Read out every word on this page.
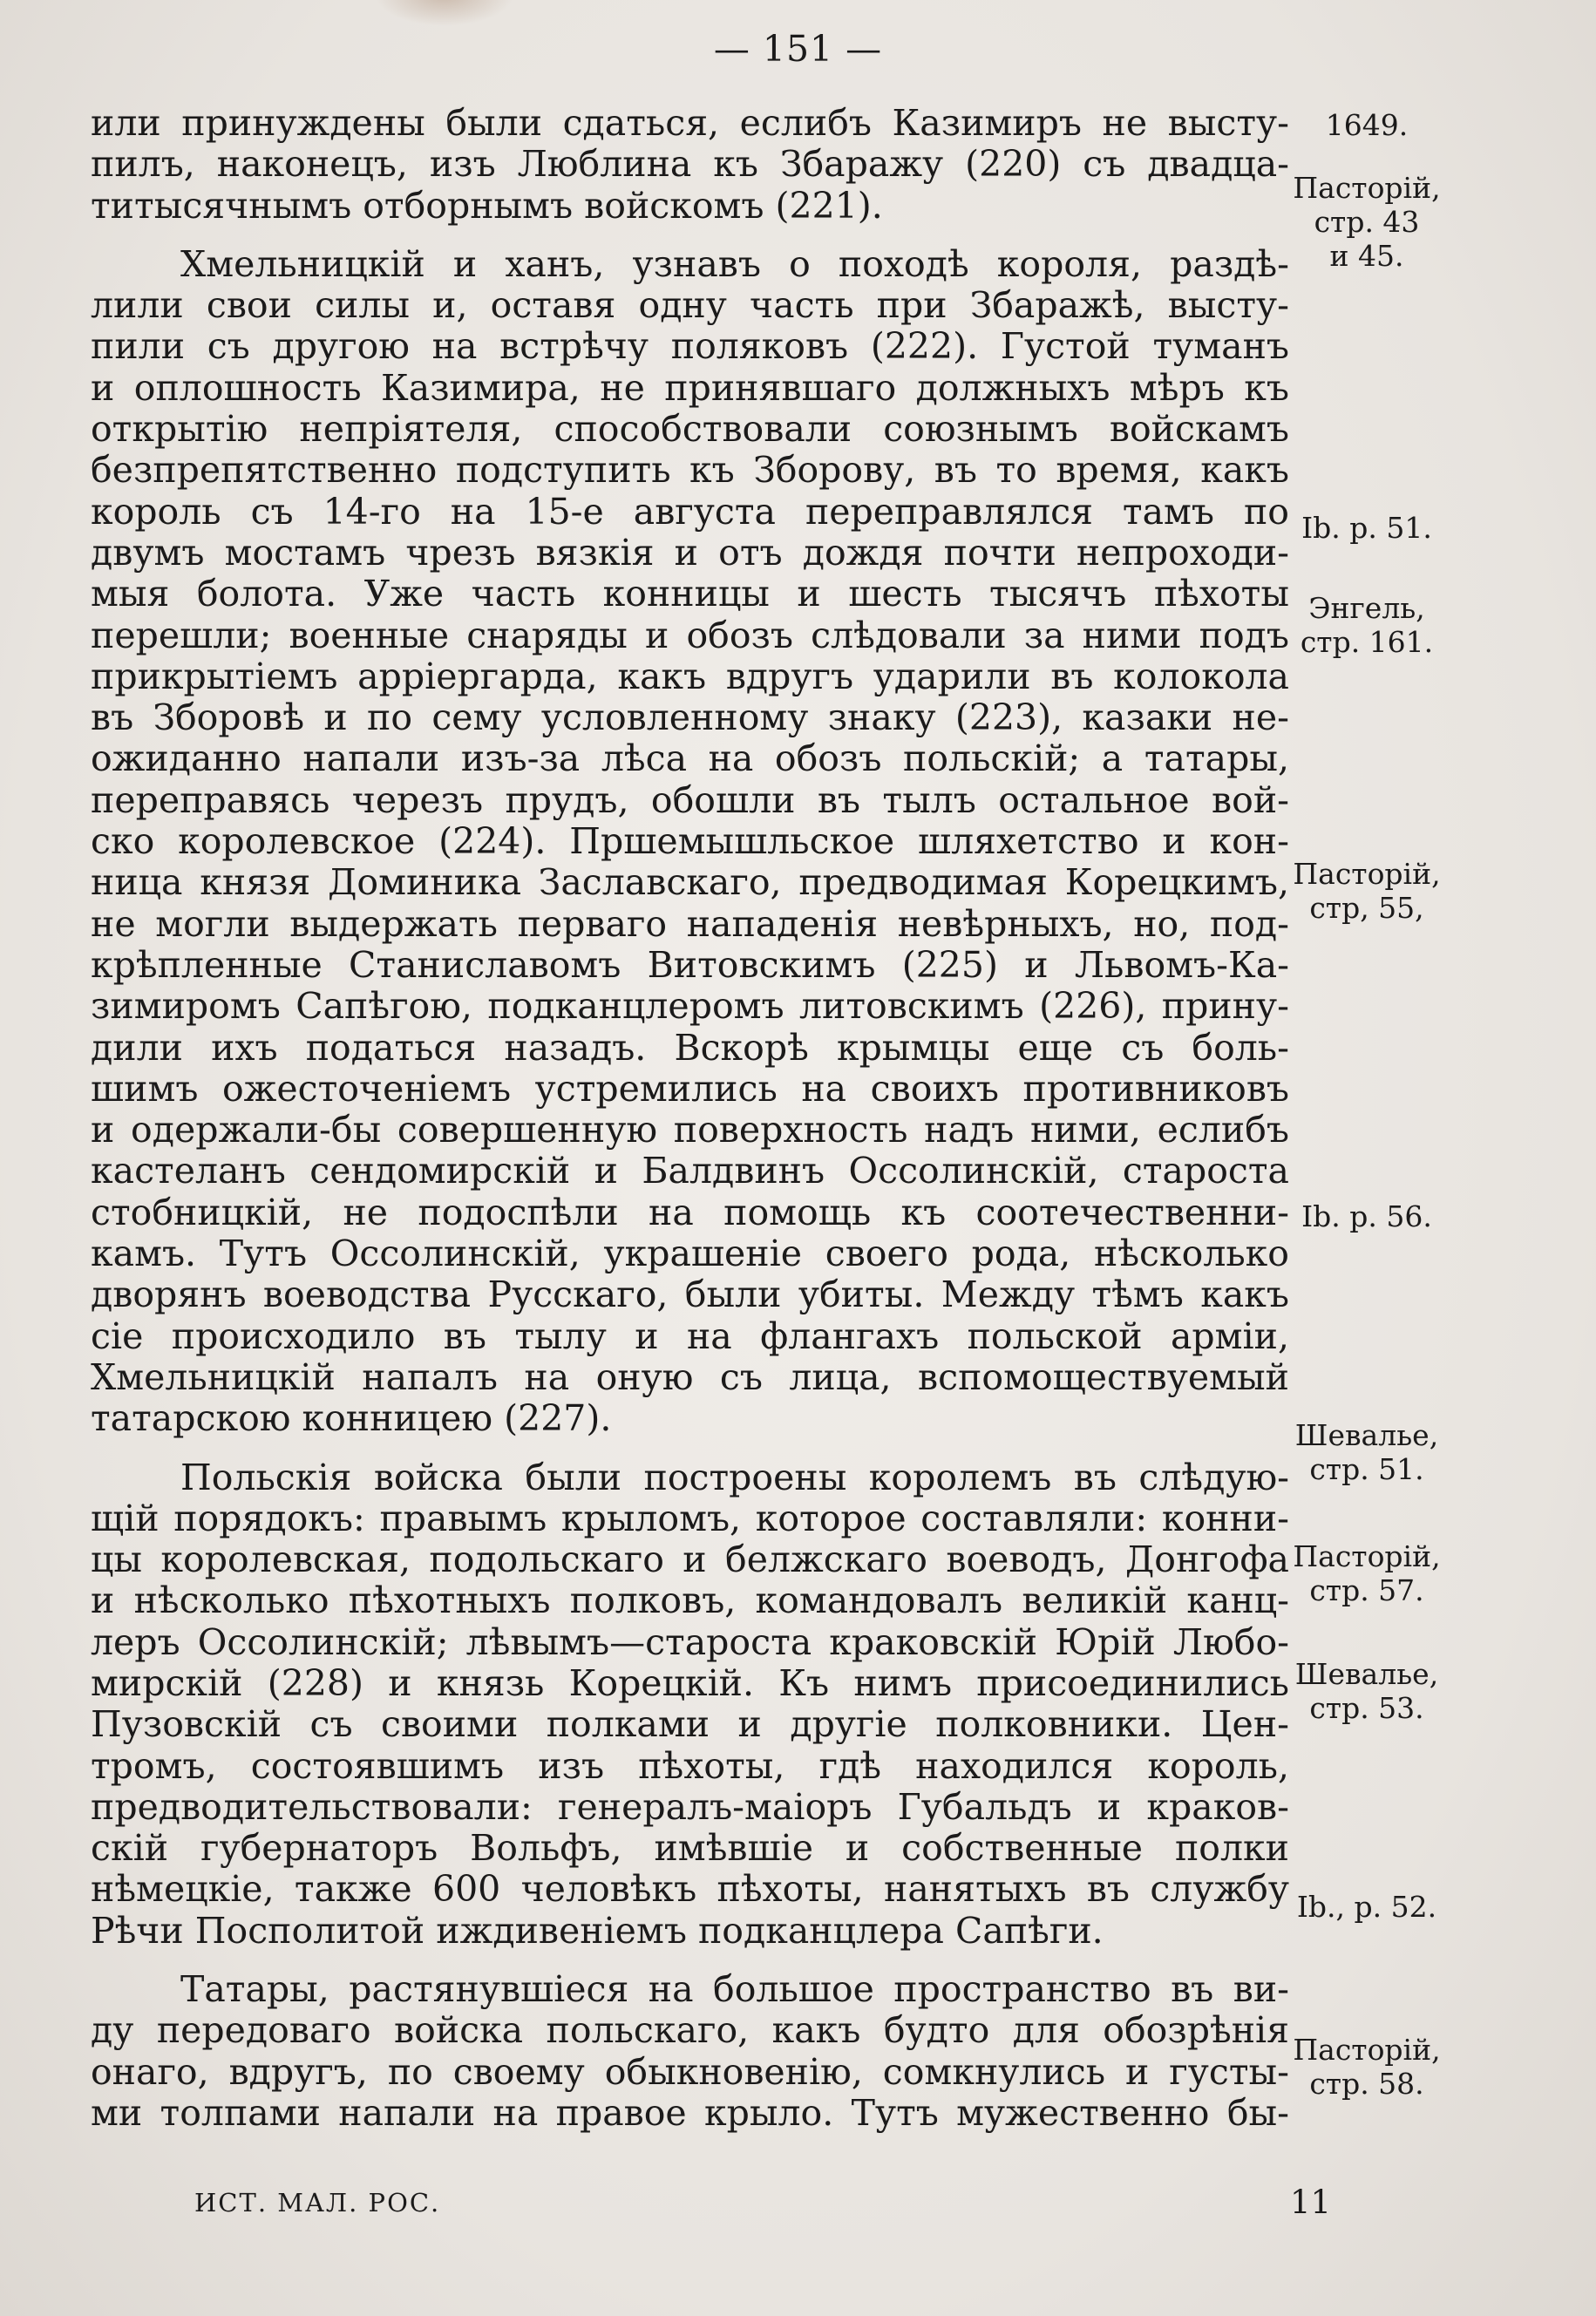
— 151 —
или принуждены были сдаться, еслибъ Казимиръ не высту-
пилъ, наконецъ, изъ Люблина къ Збаражу (220) съ двадца-
титысячнымъ отборнымъ войскомъ (221).
Хмельницкій и ханъ, узнавъ о походѣ короля, раздѣ-
лили свои силы и, оставя одну часть при Збаражѣ, высту-
пили съ другою на встрѣчу поляковъ (222). Густой туманъ
и оплошность Казимира, не принявшаго должныхъ мѣръ къ
открытію непріятеля, способствовали союзнымъ войскамъ
безпрепятственно подступить къ Зборову, въ то время, какъ
король съ 14-го на 15-е августа переправлялся тамъ по
двумъ мостамъ чрезъ вязкія и отъ дождя почти непроходи-
мыя болота. Уже часть конницы и шесть тысячъ пѣхоты
перешли; военные снаряды и обозъ слѣдовали за ними подъ
прикрытіемъ арріергарда, какъ вдругъ ударили въ колокола
въ Зборовѣ и по сему условленному знаку (223), казаки не-
ожиданно напали изъ-за лѣса на обозъ польскій; а татары,
переправясь черезъ прудъ, обошли въ тылъ остальное вой-
ско королевское (224). Пршемышльское шляхетство и кон-
ница князя Доминика Заславскаго, предводимая Корецкимъ,
не могли выдержать перваго нападенія невѣрныхъ, но, под-
крѣпленные Станиславомъ Витовскимъ (225) и Львомъ-Ка-
зимиромъ Сапѣгою, подканцлеромъ литовскимъ (226), прину-
дили ихъ податься назадъ. Вскорѣ крымцы еще съ боль-
шимъ ожесточеніемъ устремились на своихъ противниковъ
и одержали-бы совершенную поверхность надъ ними, еслибъ
кастеланъ сендомирскій и Балдвинъ Оссолинскій, староста
стобницкій, не подоспѣли на помощь къ соотечественни-
камъ. Тутъ Оссолинскій, украшеніе своего рода, нѣсколько
дворянъ воеводства Русскаго, были убиты. Между тѣмъ какъ
сіе происходило въ тылу и на флангахъ польской арміи,
Хмельницкій напалъ на оную съ лица, вспомоществуемый
татарскою конницею (227).
Польскія войска были построены королемъ въ слѣдую-
щій порядокъ: правымъ крыломъ, которое составляли: конни-
цы королевская, подольскаго и белжскаго воеводъ, Донгофа
и нѣсколько пѣхотныхъ полковъ, командовалъ великій канц-
леръ Оссолинскій; лѣвымъ—староста краковскій Юрій Любо-
мирскій (228) и князь Корецкій. Къ нимъ присоединились
Пузовскій съ своими полками и другіе полковники. Цен-
тромъ, состоявшимъ изъ пѣхоты, гдѣ находился король,
предводительствовали: генералъ-маіоръ Губальдъ и краков-
скій губернаторъ Вольфъ, имѣвшіе и собственные полки
нѣмецкіе, также 600 человѣкъ пѣхоты, нанятыхъ въ службу
Рѣчи Посполитой иждивеніемъ подканцлера Сапѣги.
Татары, растянувшіеся на большое пространство въ ви-
ду передоваго войска польскаго, какъ будто для обозрѣнія
онаго, вдругъ, по своему обыкновенію, сомкнулись и густы-
ми толпами напали на правое крыло. Тутъ мужественно бы-
1649.
Пасторій,
стр. 43
и 45.
Ib. p. 51.
Энгель,
стр. 161.
Пасторій,
стр, 55,
Ib. p. 56.
Шевалье,
стр. 51.
Пасторій,
стр. 57.
Шевалье,
стр. 53.
Ib., p. 52.
Пасторій,
стр. 58.
ИСТ. МАЛ. РОС.	11
